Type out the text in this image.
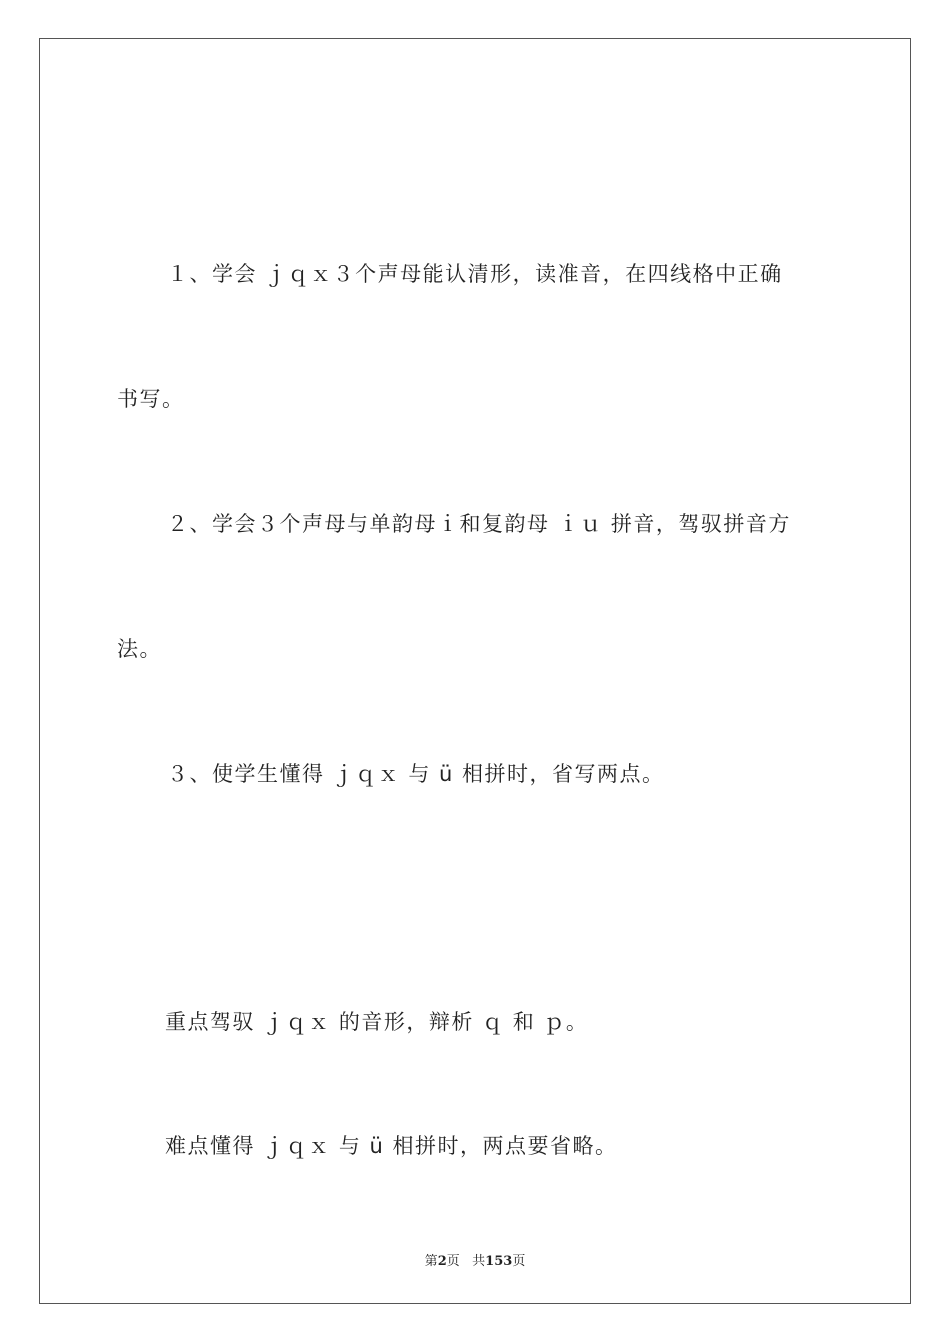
１、学会 ｊｑｘ３个声母能认清形，读准音，在四线格中正确
书写。
２、学会３个声母与单韵母ｉ和复韵母 ｉｕ 拼音，驾驭拼音方
法。
３、使学生懂得 ｊｑｘ 与 ü 相拼时，省写两点。
重点驾驭 ｊｑｘ 的音形，辩析 ｑ 和 ｐ。
难点懂得 ｊｑｘ 与 ü 相拼时，两点要省略。
第2页 共153页
